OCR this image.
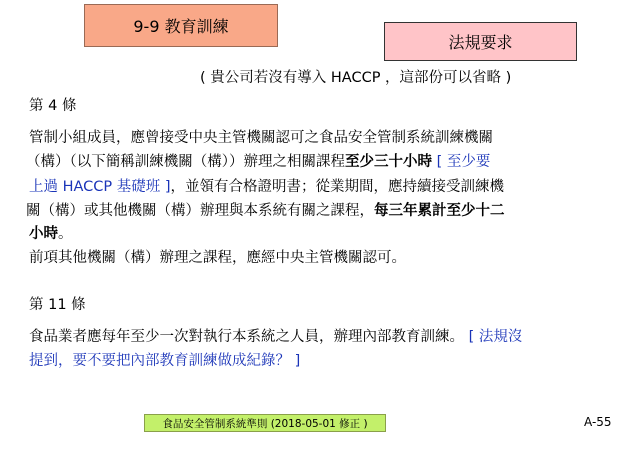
9-9 教育訓練
法規要求
( 貴公司若沒有導入 HACCP ，這部份可以省略 )
第 4 條
管制小組成員，應曾接受中央主管機關認可之食品安全管制系統訓練機關
（構）（以下簡稱訓練機關（構））辦理之相關課程至少三十小時 [ 至少要
上過 HACCP 基礎班 ]，並領有合格證明書；從業期間，應持續接受訓練機
關（構）或其他機關（構）辦理與本系統有關之課程，每三年累計至少十二
小時。
前項其他機關（構）辦理之課程，應經中央主管機關認可。
第 11 條
食品業者應每年至少一次對執行本系統之人員，辦理內部教育訓練。 [ 法規沒
提到，要不要把內部教育訓練做成紀錄？ ]
食品安全管制系統準則 (2018-05-01 修正 )	A-55
